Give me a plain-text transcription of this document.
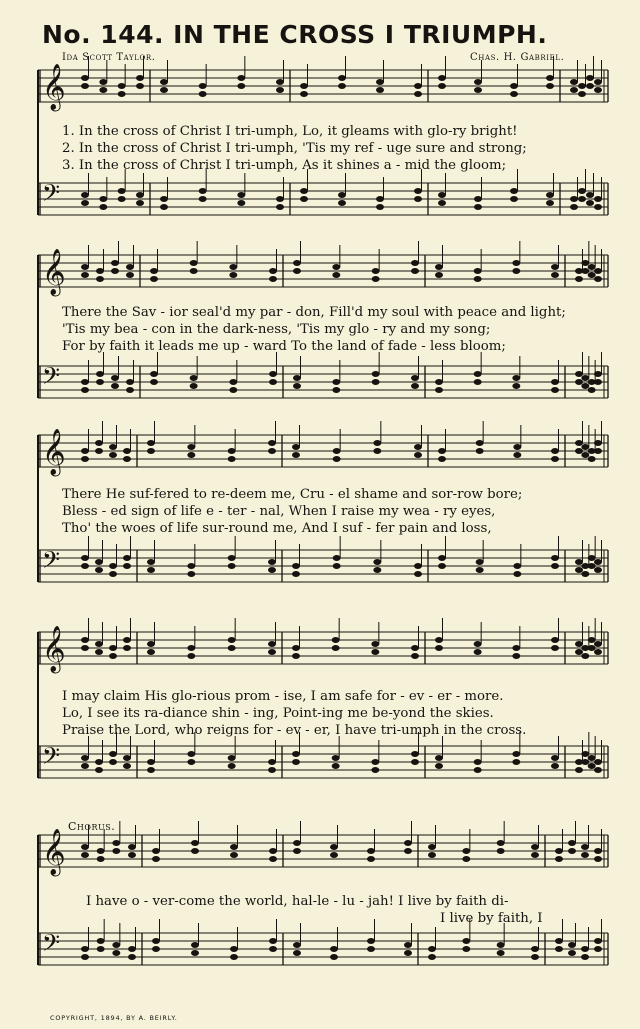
No. 144. IN THE CROSS I TRIUMPH.
Ida Scott Taylor.	Chas. H. Gabriel.
𝄞
𝄢
𝄞
𝄢
𝄞
𝄢
𝄞
𝄢
𝄞
𝄢
1. In the cross of Christ I tri-umph, Lo, it gleams with glo-ry bright!
2. In the cross of Christ I tri-umph, 'Tis my ref - uge sure and strong;
3. In the cross of Christ I tri-umph, As it shines a - mid the gloom;
There the Sav - ior seal'd my par - don, Fill'd my soul with peace and light;
'Tis my bea - con in the dark-ness, 'Tis my glo - ry and my song;
For by faith it leads me up - ward To the land of fade - less bloom;
There He suf-fered to re-deem me, Cru - el shame and sor-row bore;
Bless - ed sign of life e - ter - nal, When I raise my wea - ry eyes,
Tho' the woes of life sur-round me, And I suf - fer pain and loss,
I may claim His glo-rious prom - ise, I am safe for - ev - er - more.
Lo, I see its ra-diance shin - ing, Point-ing me be-yond the skies.
Praise the Lord, who reigns for - ev - er, I have tri-umph in the cross.
Chorus.
I have o - ver-come the world, hal-le - lu - jah! I live by faith di-
I live by faith, I
COPYRIGHT, 1894, BY A. BEIRLY.
